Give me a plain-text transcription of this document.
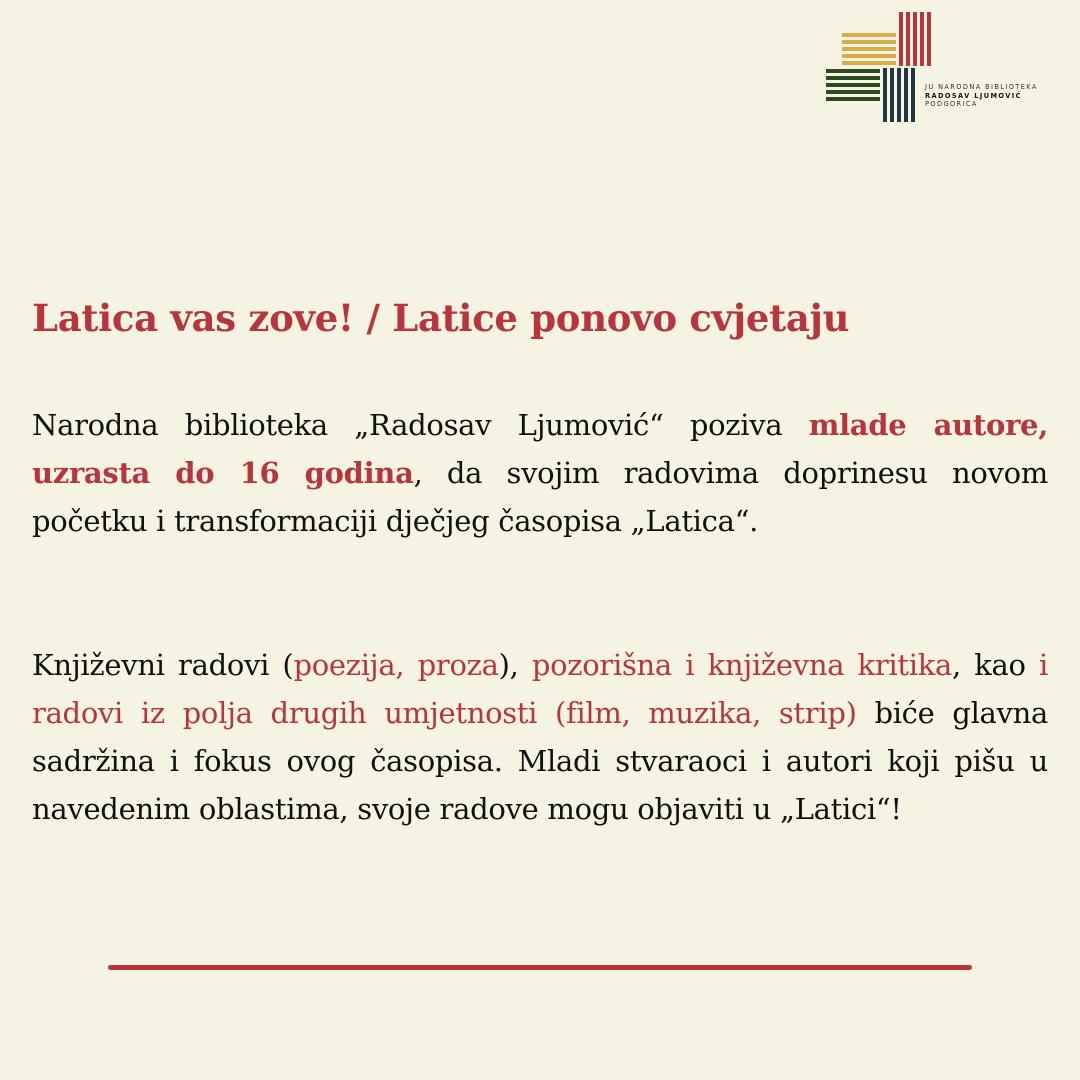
JU NARODNA BIBLIOTEKA
RADOSAV LJUMOVIĆ
PODGORICA
Latica vas zove! / Latice ponovo cvjetaju

Narodna biblioteka „Radosav Ljumović“ poziva mlade autore, uzrasta do 16 godina, da svojim radovima doprinesu novom početku i transformaciji dječjeg časopisa „Latica“.

Književni radovi (poezija, proza), pozorišna i književna kritika, kao i radovi iz polja drugih umjetnosti (film, muzika, strip) biće glavna sadržina i fokus ovog časopisa. Mladi stvaraoci i autori koji pišu u navedenim oblastima, svoje radove mogu objaviti u „Latici“!
